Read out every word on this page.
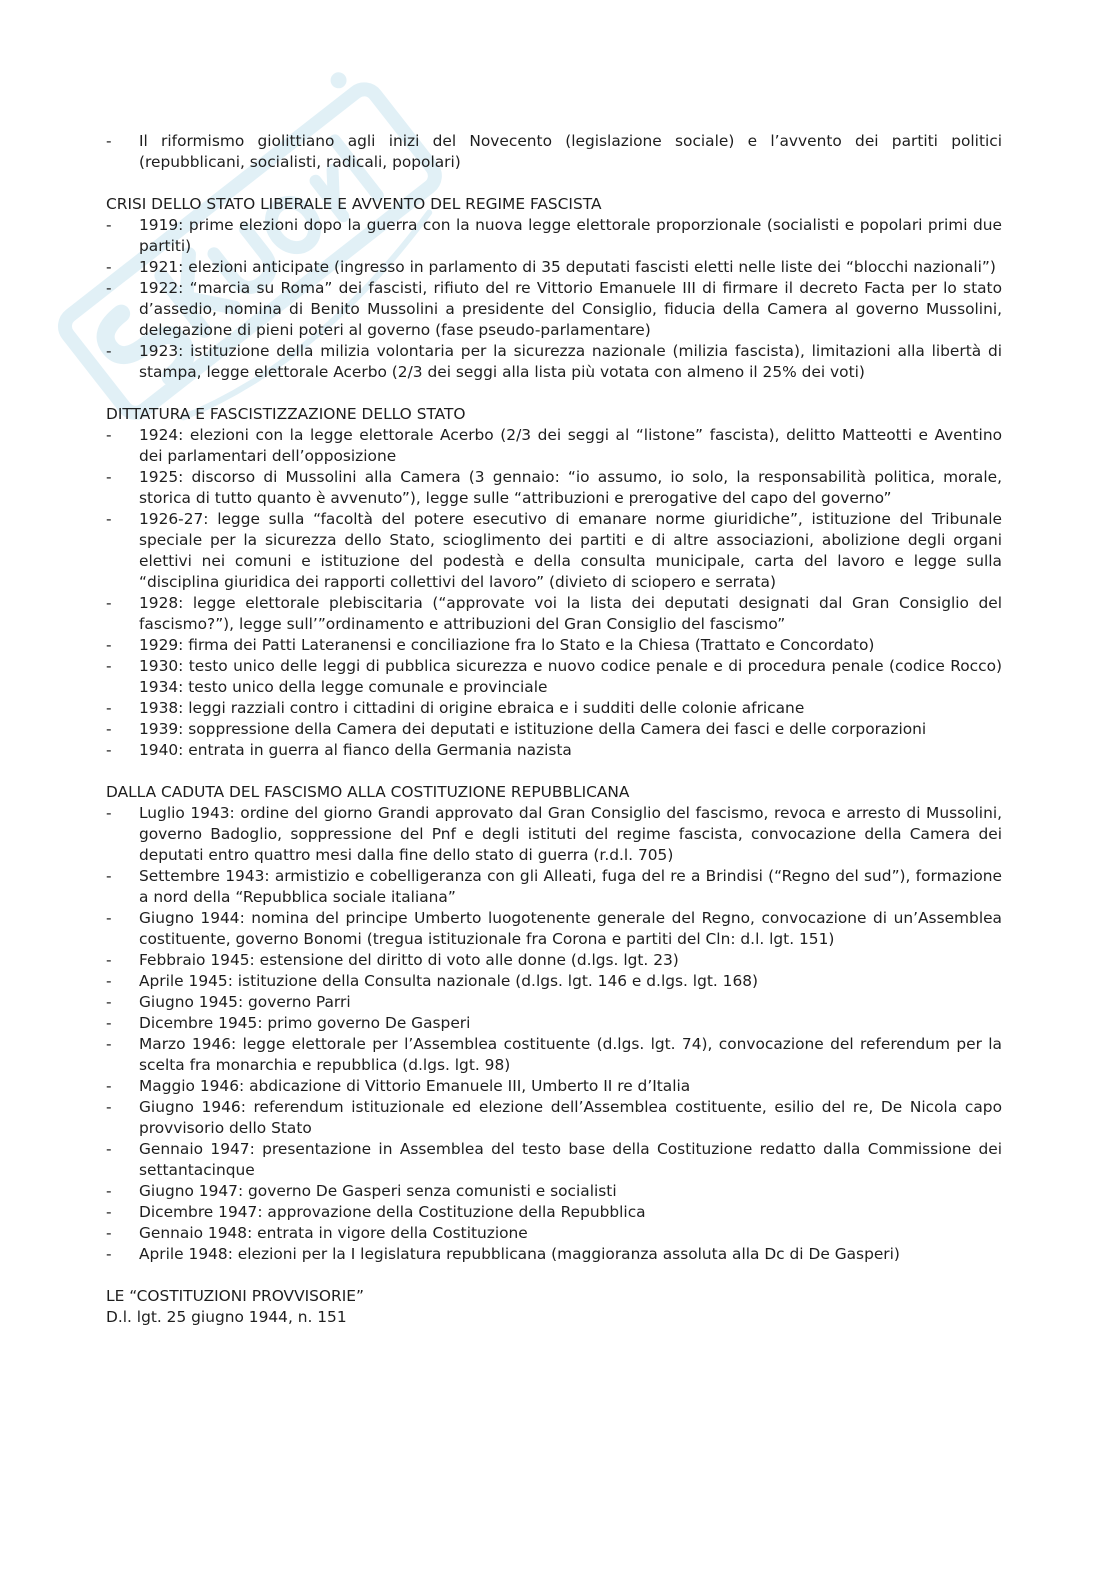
- Il riformismo giolittiano agli inizi del Novecento (legislazione sociale) e l’avvento dei partiti politici (repubblicani, socialisti, radicali, popolari)
CRISI DELLO STATO LIBERALE E AVVENTO DEL REGIME FASCISTA
- 1919: prime elezioni dopo la guerra con la nuova legge elettorale proporzionale (socialisti e popolari primi due partiti)
- 1921: elezioni anticipate (ingresso in parlamento di 35 deputati fascisti eletti nelle liste dei “blocchi nazionali”)
- 1922: “marcia su Roma” dei fascisti, rifiuto del re Vittorio Emanuele III di firmare il decreto Facta per lo stato d’assedio, nomina di Benito Mussolini a presidente del Consiglio, fiducia della Camera al governo Mussolini, delegazione di pieni poteri al governo (fase pseudo-parlamentare)
- 1923: istituzione della milizia volontaria per la sicurezza nazionale (milizia fascista), limitazioni alla libertà di stampa, legge elettorale Acerbo (2/3 dei seggi alla lista più votata con almeno il 25% dei voti)
DITTATURA E FASCISTIZZAZIONE DELLO STATO
- 1924: elezioni con la legge elettorale Acerbo (2/3 dei seggi al “listone” fascista), delitto Matteotti e Aventino dei parlamentari dell’opposizione
- 1925: discorso di Mussolini alla Camera (3 gennaio: “io assumo, io solo, la responsabilità politica, morale, storica di tutto quanto è avvenuto”), legge sulle “attribuzioni e prerogative del capo del governo”
- 1926-27: legge sulla “facoltà del potere esecutivo di emanare norme giuridiche”, istituzione del Tribunale speciale per la sicurezza dello Stato, scioglimento dei partiti e di altre associazioni, abolizione degli organi elettivi nei comuni e istituzione del podestà e della consulta municipale, carta del lavoro e legge sulla “disciplina giuridica dei rapporti collettivi del lavoro” (divieto di sciopero e serrata)
- 1928: legge elettorale plebiscitaria (“approvate voi la lista dei deputati designati dal Gran Consiglio del fascismo?”), legge sull’”ordinamento e attribuzioni del Gran Consiglio del fascismo”
- 1929: firma dei Patti Lateranensi e conciliazione fra lo Stato e la Chiesa (Trattato e Concordato)
- 1930: testo unico delle leggi di pubblica sicurezza e nuovo codice penale e di procedura penale (codice Rocco) 1934: testo unico della legge comunale e provinciale
- 1938: leggi razziali contro i cittadini di origine ebraica e i sudditi delle colonie africane
- 1939: soppressione della Camera dei deputati e istituzione della Camera dei fasci e delle corporazioni
- 1940: entrata in guerra al fianco della Germania nazista
DALLA CADUTA DEL FASCISMO ALLA COSTITUZIONE REPUBBLICANA
- Luglio 1943: ordine del giorno Grandi approvato dal Gran Consiglio del fascismo, revoca e arresto di Mussolini, governo Badoglio, soppressione del Pnf e degli istituti del regime fascista, convocazione della Camera dei deputati entro quattro mesi dalla fine dello stato di guerra (r.d.l. 705)
- Settembre 1943: armistizio e cobelligeranza con gli Alleati, fuga del re a Brindisi (“Regno del sud”), formazione a nord della “Repubblica sociale italiana”
- Giugno 1944: nomina del principe Umberto luogotenente generale del Regno, convocazione di un’Assemblea costituente, governo Bonomi (tregua istituzionale fra Corona e partiti del Cln: d.l. lgt. 151)
- Febbraio 1945: estensione del diritto di voto alle donne (d.lgs. lgt. 23)
- Aprile 1945: istituzione della Consulta nazionale (d.lgs. lgt. 146 e d.lgs. lgt. 168)
- Giugno 1945: governo Parri
- Dicembre 1945: primo governo De Gasperi
- Marzo 1946: legge elettorale per l’Assemblea costituente (d.lgs. lgt. 74), convocazione del referendum per la scelta fra monarchia e repubblica (d.lgs. lgt. 98)
- Maggio 1946: abdicazione di Vittorio Emanuele III, Umberto II re d’Italia
- Giugno 1946: referendum istituzionale ed elezione dell’Assemblea costituente, esilio del re, De Nicola capo provvisorio dello Stato
- Gennaio 1947: presentazione in Assemblea del testo base della Costituzione redatto dalla Commissione dei settantacinque
- Giugno 1947: governo De Gasperi senza comunisti e socialisti
- Dicembre 1947: approvazione della Costituzione della Repubblica
- Gennaio 1948: entrata in vigore della Costituzione
- Aprile 1948: elezioni per la I legislatura repubblicana (maggioranza assoluta alla Dc di De Gasperi)
LE “COSTITUZIONI PROVVISORIE”
D.l. lgt. 25 giugno 1944, n. 151
